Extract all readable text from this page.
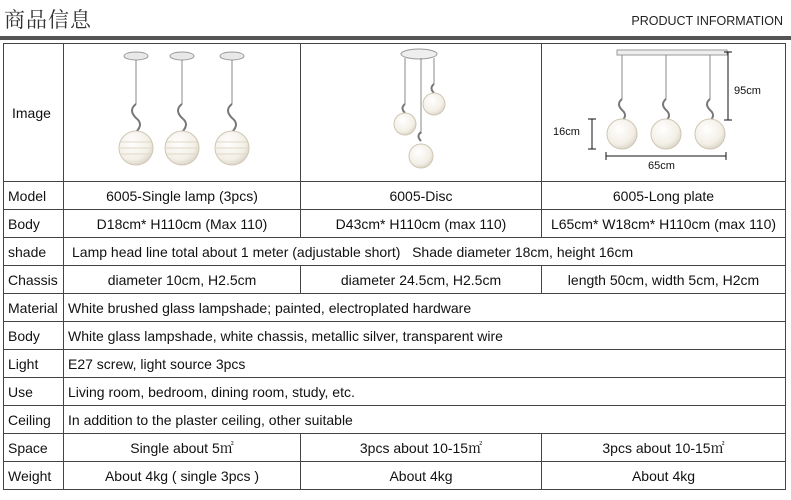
商品信息	PRODUCT INFORMATION
Image			95cm
16cm
65cm

Model	6005-Single lamp (3pcs)	6005-Disc	6005-Long plate
Body	D18cm* H110cm (Max 110)	D43cm* H110cm (max 110)	L65cm* W18cm* H110cm (max 110)
shade	Lamp head line total about 1 meter (adjustable short)   Shade diameter 18cm, height 16cm		
Chassis	diameter 10cm, H2.5cm	diameter 24.5cm, H2.5cm	length 50cm, width 5cm, H2cm
Material	White brushed glass lampshade; painted, electroplated hardware		
Body	White glass lampshade, white chassis, metallic silver, transparent wire		
Light	E27 screw, light source 3pcs		
Use	Living room, bedroom, dining room, study, etc.		
Ceiling	In addition to the plaster ceiling, other suitable		
Space	Single about 5㎡	3pcs about 10-15㎡	3pcs about 10-15㎡
Weight	About 4kg ( single 3pcs )	About 4kg	About 4kg
